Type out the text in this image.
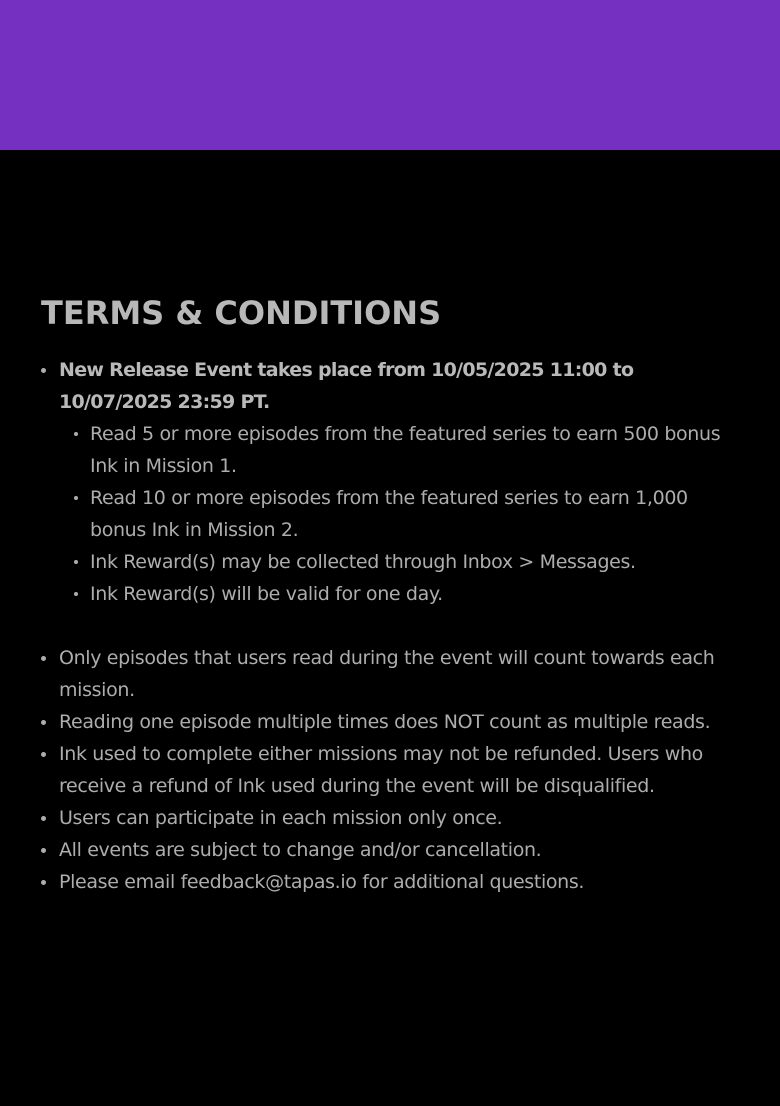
TERMS & CONDITIONS
New Release Event takes place from 10/05/2025 11:00 to 10/07/2025 23:59 PT.
Read 5 or more episodes from the featured series to earn 500 bonus Ink in Mission 1.
Read 10 or more episodes from the featured series to earn 1,000 bonus Ink in Mission 2.
Ink Reward(s) may be collected through Inbox > Messages.
Ink Reward(s) will be valid for one day.
Only episodes that users read during the event will count towards each mission.
Reading one episode multiple times does NOT count as multiple reads.
Ink used to complete either missions may not be refunded. Users who receive a refund of Ink used during the event will be disqualified.
Users can participate in each mission only once.
All events are subject to change and/or cancellation.
Please email feedback@tapas.io for additional questions.
